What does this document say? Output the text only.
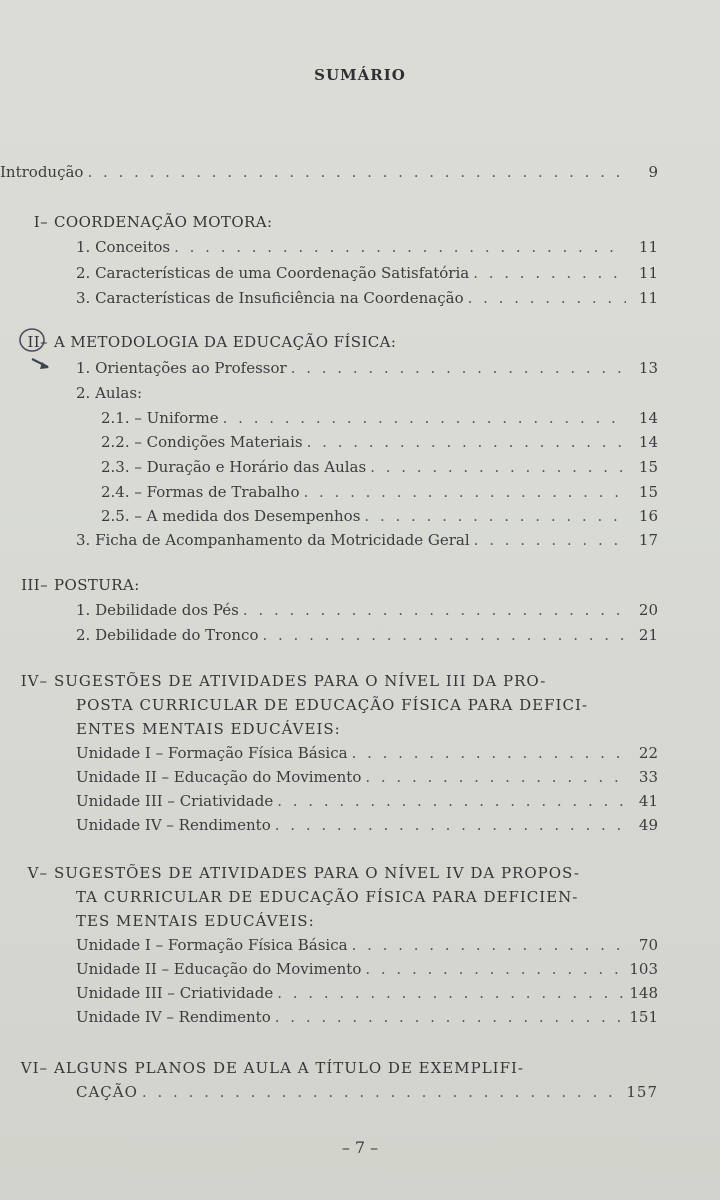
SUMÁRIO
Introdução . . .	9
I– COORDENAÇÃO MOTORA:
1. Conceitos . . .	11
2. Características de uma Coordenação Satisfatória . . .	11
3. Características de Insuficiência na Coordenação . . .	11
II– A METODOLOGIA DA EDUCAÇÃO FÍSICA:
1. Orientações ao Professor . . .	13
2. Aulas:
2.1. – Uniforme . . .	14
2.2. – Condições Materiais . . .	14
2.3. – Duração e Horário das Aulas . . .	15
2.4. – Formas de Trabalho . . .	15
2.5. – A medida dos Desempenhos . . .	16
3. Ficha de Acompanhamento da Motricidade Geral . . .	17
III– POSTURA:
1. Debilidade dos Pés . . .	20
2. Debilidade do Tronco . . .	21
IV– SUGESTÕES DE ATIVIDADES PARA O NÍVEL III DA PRO-
POSTA CURRICULAR DE EDUCAÇÃO FÍSICA PARA DEFICI-
ENTES MENTAIS EDUCÁVEIS:
Unidade I – Formação Física Básica . . .	22
Unidade II – Educação do Movimento . . .	33
Unidade III – Criatividade . . .	41
Unidade IV – Rendimento . . .	49
V– SUGESTÕES DE ATIVIDADES PARA O NÍVEL IV DA PROPOS-
TA CURRICULAR DE EDUCAÇÃO FÍSICA PARA DEFICIEN-
TES MENTAIS EDUCÁVEIS:
Unidade I – Formação Física Básica . . .	70
Unidade II – Educação do Movimento . . .	103
Unidade III – Criatividade . . .	148
Unidade IV – Rendimento . . .	151
VI– ALGUNS PLANOS DE AULA A TÍTULO DE EXEMPLIFI-
CAÇÃO . . .	157
– 7 –
